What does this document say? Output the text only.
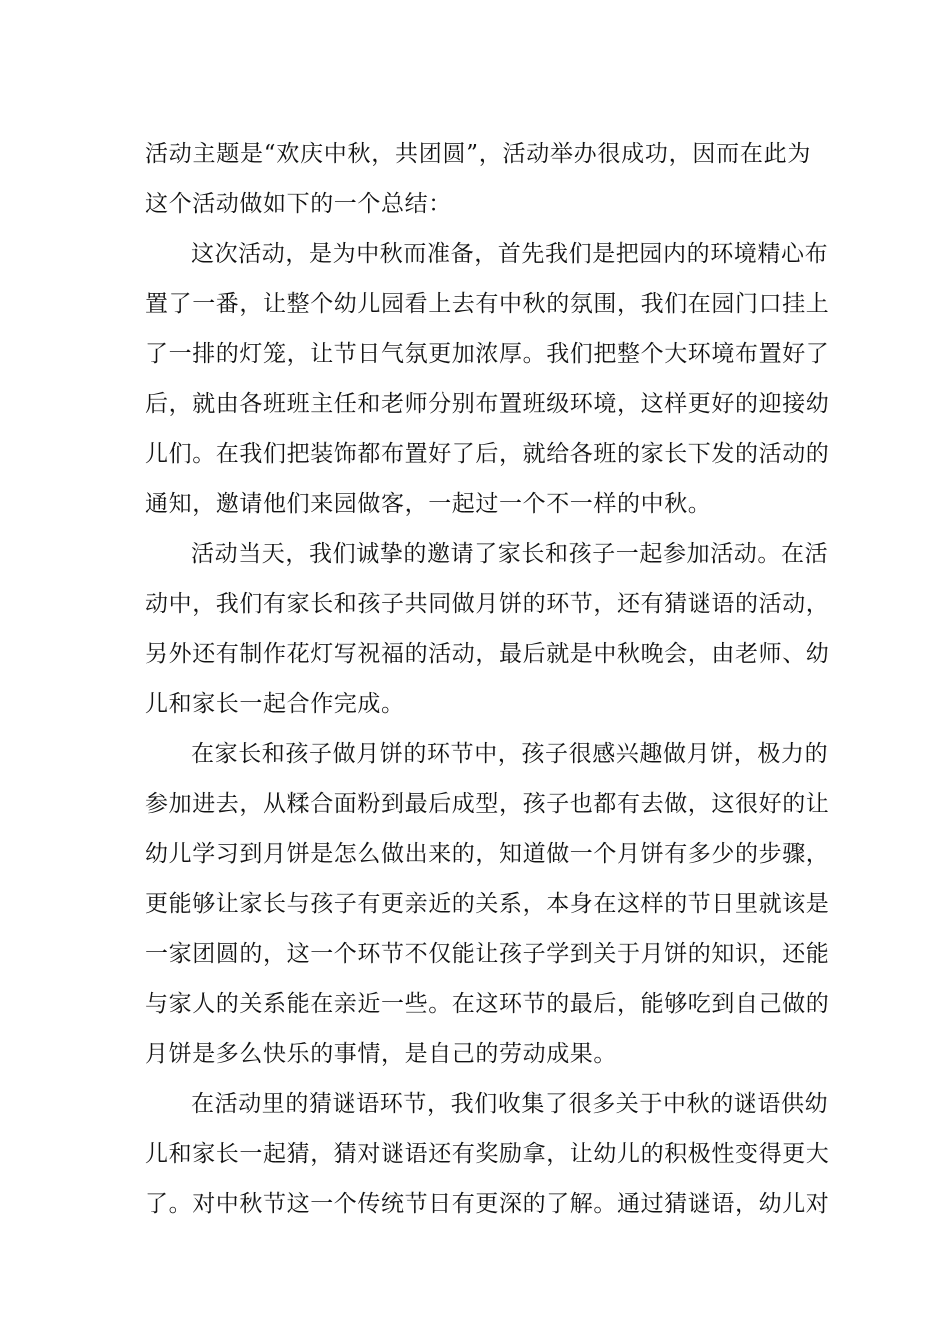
活动主题是“欢庆中秋，共团圆”，活动举办很成功，因而在此为
这个活动做如下的一个总结：
这次活动，是为中秋而准备，首先我们是把园内的环境精心布
置了一番，让整个幼儿园看上去有中秋的氛围，我们在园门口挂上
了一排的灯笼，让节日气氛更加浓厚。我们把整个大环境布置好了
后，就由各班班主任和老师分别布置班级环境，这样更好的迎接幼
儿们。在我们把装饰都布置好了后，就给各班的家长下发的活动的
通知，邀请他们来园做客，一起过一个不一样的中秋。
活动当天，我们诚挚的邀请了家长和孩子一起参加活动。在活
动中，我们有家长和孩子共同做月饼的环节，还有猜谜语的活动，
另外还有制作花灯写祝福的活动，最后就是中秋晚会，由老师、幼
儿和家长一起合作完成。
在家长和孩子做月饼的环节中，孩子很感兴趣做月饼，极力的
参加进去，从糅合面粉到最后成型，孩子也都有去做，这很好的让
幼儿学习到月饼是怎么做出来的，知道做一个月饼有多少的步骤，
更能够让家长与孩子有更亲近的关系，本身在这样的节日里就该是
一家团圆的，这一个环节不仅能让孩子学到关于月饼的知识，还能
与家人的关系能在亲近一些。在这环节的最后，能够吃到自己做的
月饼是多么快乐的事情，是自己的劳动成果。
在活动里的猜谜语环节，我们收集了很多关于中秋的谜语供幼
儿和家长一起猜，猜对谜语还有奖励拿，让幼儿的积极性变得更大
了。对中秋节这一个传统节日有更深的了解。通过猜谜语，幼儿对
